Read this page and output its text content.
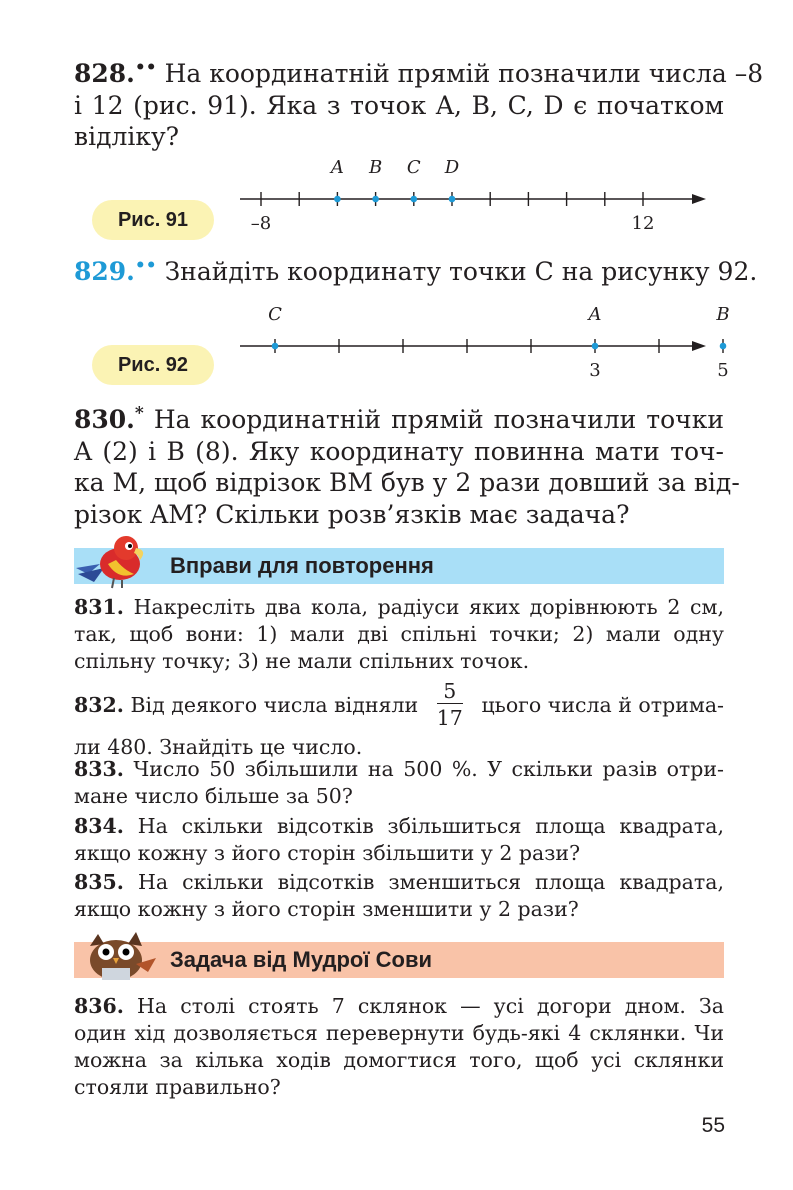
828.•• На координатній прямій позначили числа –8
і 12 (рис. 91). Яка з точок A, B, C, D є початком
відліку?
Рис. 91
A B C D
–8	12
829.•• Знайдіть координату точки C на рисунку 92.
Рис. 92
C	A	B
3	5
830.* На координатній прямій позначили точки
A (2) і B (8). Яку координату повинна мати точ-
ка M, щоб відрізок BM був у 2 рази довший за від-
різок AM? Скільки розв’язків має задача?
Вправи для повторення
831. Накресліть два кола, радіуси яких дорівнюють 2 см,
так, щоб вони: 1) мали дві спільні точки; 2) мали одну
спільну точку; 3) не мали спільних точок.
832. Від деякого числа відняли $\frac{5}{17}$ цього числа й отрима-
ли 480. Знайдіть це число.
833. Число 50 збільшили на 500 %. У скільки разів отри-
мане число більше за 50?
834. На скільки відсотків збільшиться площа квадрата,
якщо кожну з його сторін збільшити у 2 рази?
835. На скільки відсотків зменшиться площа квадрата,
якщо кожну з його сторін зменшити у 2 рази?
Задача від Мудрої Сови
836. На столі стоять 7 склянок — усі догори дном. За
один хід дозволяється перевернути будь-які 4 склянки. Чи
можна за кілька ходів домогтися того, щоб усі склянки
стояли правильно?
55
